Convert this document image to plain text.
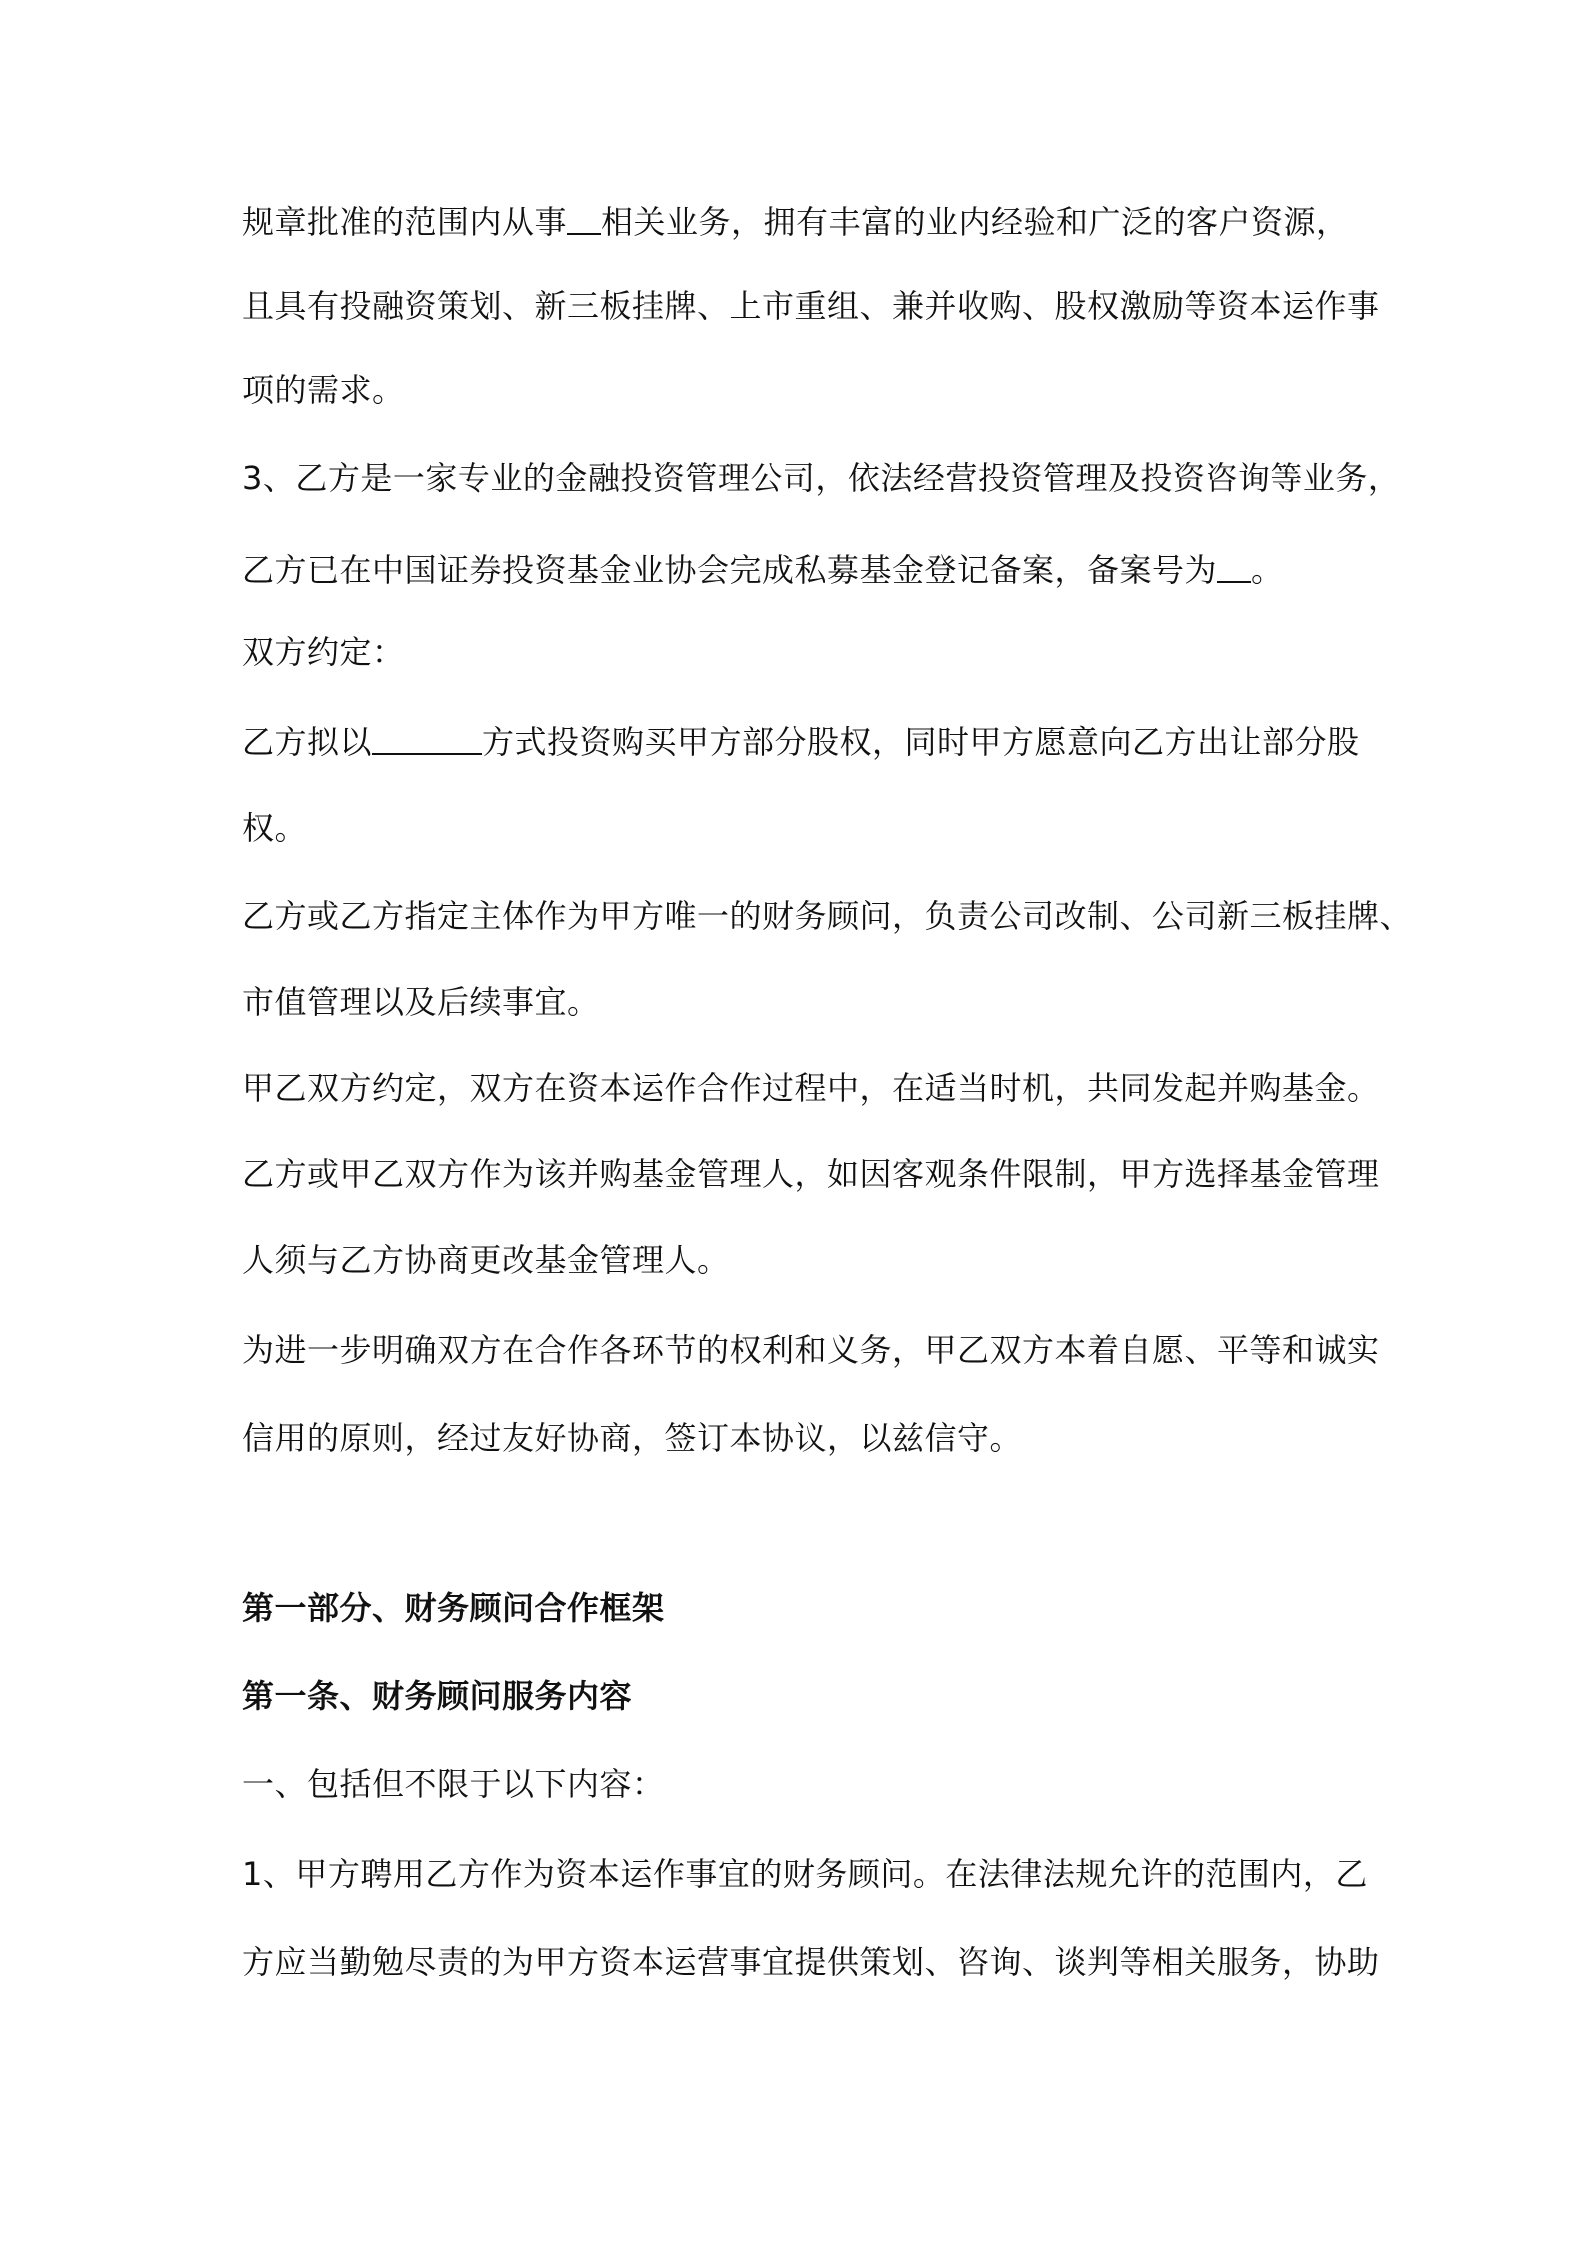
规章批准的范围内从事 相关业务，拥有丰富的业内经验和广泛的客户资源，
且具有投融资策划、新三板挂牌、上市重组、兼并收购、股权激励等资本运作事
项的需求。
3、乙方是一家专业的金融投资管理公司，依法经营投资管理及投资咨询等业务，
乙方已在中国证券投资基金业协会完成私募基金登记备案，备案号为 。
双方约定：
乙方拟以	方式投资购买甲方部分股权，同时甲方愿意向乙方出让部分股
权。
乙方或乙方指定主体作为甲方唯一的财务顾问，负责公司改制、公司新三板挂牌、
市值管理以及后续事宜。
甲乙双方约定，双方在资本运作合作过程中，在适当时机，共同发起并购基金。
乙方或甲乙双方作为该并购基金管理人，如因客观条件限制，甲方选择基金管理
人须与乙方协商更改基金管理人。
为进一步明确双方在合作各环节的权利和义务，甲乙双方本着自愿、平等和诚实
信用的原则，经过友好协商，签订本协议，以兹信守。
第一部分、财务顾问合作框架
第一条、财务顾问服务内容
一、包括但不限于以下内容：
1、甲方聘用乙方作为资本运作事宜的财务顾问。在法律法规允许的范围内，乙
方应当勤勉尽责的为甲方资本运营事宜提供策划、咨询、谈判等相关服务，协助
